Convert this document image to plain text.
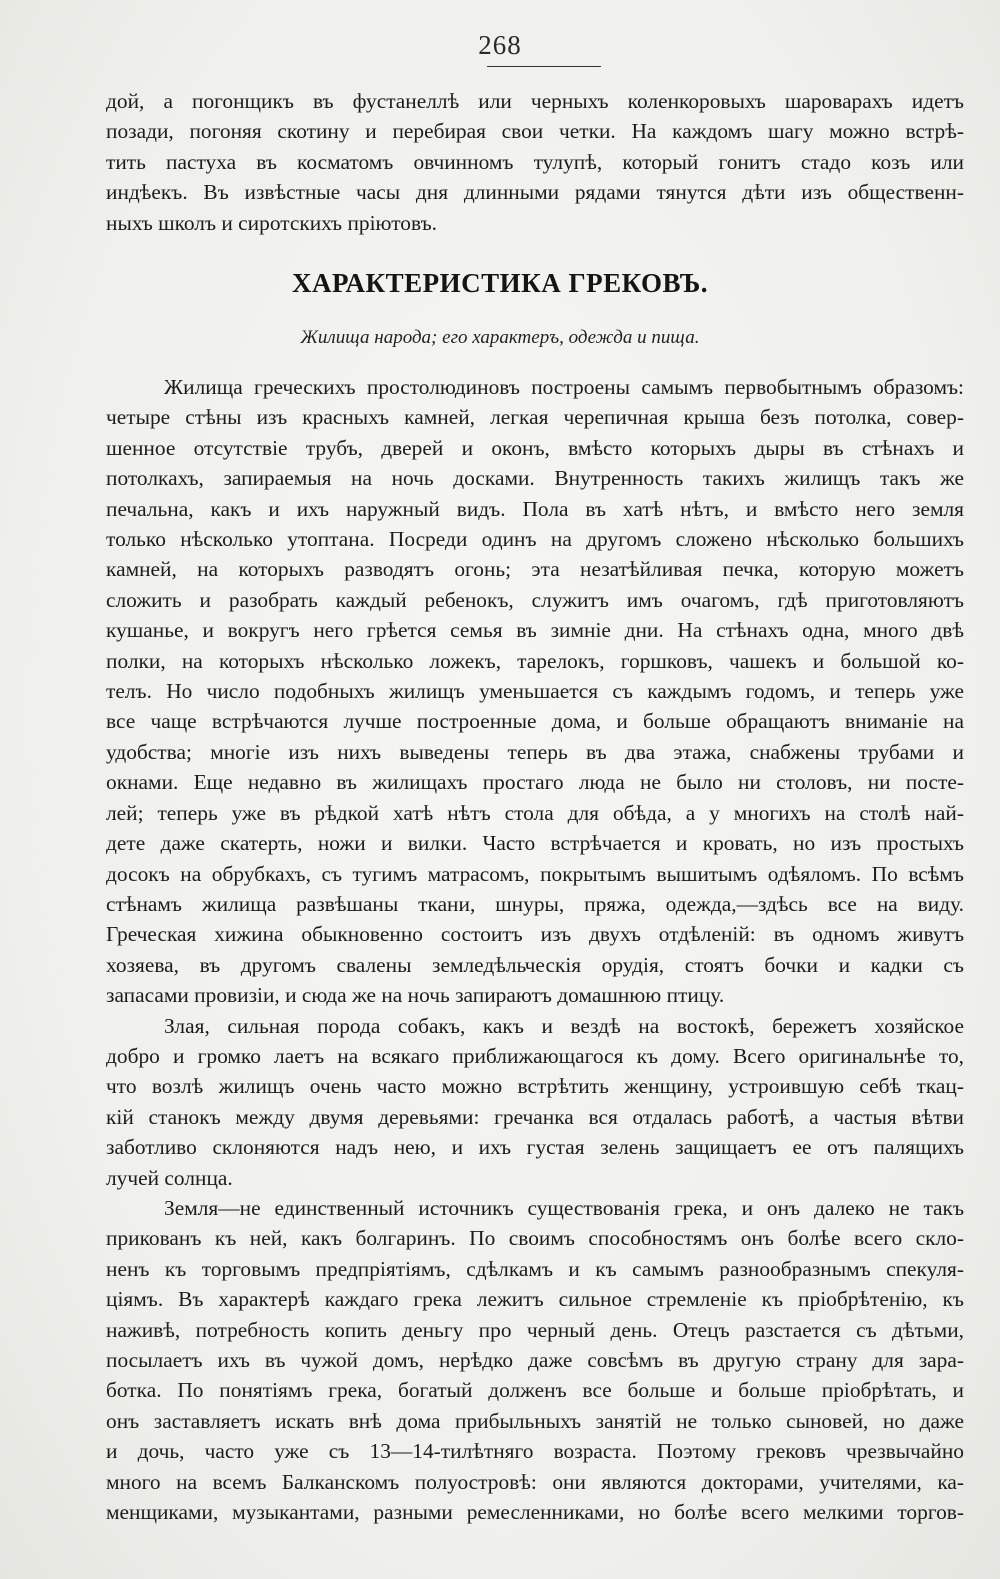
268
дой, а погонщикъ въ фустанеллѣ или черныхъ коленкоровыхъ шароварахъ идетъ
позади, погоняя скотину и перебирая свои четки. На каждомъ шагу можно встрѣ-
тить пастуха въ косматомъ овчинномъ тулупѣ, который гонитъ стадо козъ или
индѣекъ. Въ извѣстные часы дня длинными рядами тянутся дѣти изъ общественн-
ныхъ школъ и сиротскихъ пріютовъ.
ХАРАКТЕРИСТИКА ГРЕКОВЪ.
Жилища народа; его характеръ, одежда и пища.
Жилища греческихъ простолюдиновъ построены самымъ первобытнымъ образомъ:
четыре стѣны изъ красныхъ камней, легкая черепичная крыша безъ потолка, совер-
шенное отсутствіе трубъ, дверей и оконъ, вмѣсто которыхъ дыры въ стѣнахъ и
потолкахъ, запираемыя на ночь досками. Внутренность такихъ жилищъ такъ же
печальна, какъ и ихъ наружный видъ. Пола въ хатѣ нѣтъ, и вмѣсто него земля
только нѣсколько утоптана. Посреди одинъ на другомъ сложено нѣсколько большихъ
камней, на которыхъ разводятъ огонь; эта незатѣйливая печка, которую можетъ
сложить и разобрать каждый ребенокъ, служитъ имъ очагомъ, гдѣ приготовляютъ
кушанье, и вокругъ него грѣется семья въ зимніе дни. На стѣнахъ одна, много двѣ
полки, на которыхъ нѣсколько ложекъ, тарелокъ, горшковъ, чашекъ и большой ко-
телъ. Но число подобныхъ жилищъ уменьшается съ каждымъ годомъ, и теперь уже
все чаще встрѣчаются лучше построенные дома, и больше обращаютъ вниманіе на
удобства; многіе изъ нихъ выведены теперь въ два этажа, снабжены трубами и
окнами. Еще недавно въ жилищахъ простаго люда не было ни столовъ, ни посте-
лей; теперь уже въ рѣдкой хатѣ нѣтъ стола для обѣда, а у многихъ на столѣ най-
дете даже скатерть, ножи и вилки. Часто встрѣчается и кровать, но изъ простыхъ
досокъ на обрубкахъ, съ тугимъ матрасомъ, покрытымъ вышитымъ одѣяломъ. По всѣмъ
стѣнамъ жилища развѣшаны ткани, шнуры, пряжа, одежда,—здѣсь все на виду.
Греческая хижина обыкновенно состоитъ изъ двухъ отдѣленій: въ одномъ живутъ
хозяева, въ другомъ свалены земледѣльческія орудія, стоятъ бочки и кадки съ
запасами провизіи, и сюда же на ночь запираютъ домашнюю птицу.
Злая, сильная порода собакъ, какъ и вездѣ на востокѣ, бережетъ хозяйское
добро и громко лаетъ на всякаго приближающагося къ дому. Всего оригинальнѣе то,
что возлѣ жилищъ очень часто можно встрѣтить женщину, устроившую себѣ ткац-
кій станокъ между двумя деревьями: гречанка вся отдалась работѣ, а частыя вѣтви
заботливо склоняются надъ нею, и ихъ густая зелень защищаетъ ее отъ палящихъ
лучей солнца.
Земля—не единственный источникъ существованія грека, и онъ далеко не такъ
прикованъ къ ней, какъ болгаринъ. По своимъ способностямъ онъ болѣе всего скло-
ненъ къ торговымъ предпріятіямъ, сдѣлкамъ и къ самымъ разнообразнымъ спекуля-
ціямъ. Въ характерѣ каждаго грека лежитъ сильное стремленіе къ пріобрѣтенію, къ
наживѣ, потребность копить деньгу про черный день. Отецъ разстается съ дѣтьми,
посылаетъ ихъ въ чужой домъ, нерѣдко даже совсѣмъ въ другую страну для зара-
ботка. По понятіямъ грека, богатый долженъ все больше и больше пріобрѣтать, и
онъ заставляетъ искать внѣ дома прибыльныхъ занятій не только сыновей, но даже
и дочь, часто уже съ 13—14-тилѣтняго возраста. Поэтому грековъ чрезвычайно
много на всемъ Балканскомъ полуостровѣ: они являются докторами, учителями, ка-
менщиками, музыкантами, разными ремесленниками, но болѣе всего мелкими торгов-
